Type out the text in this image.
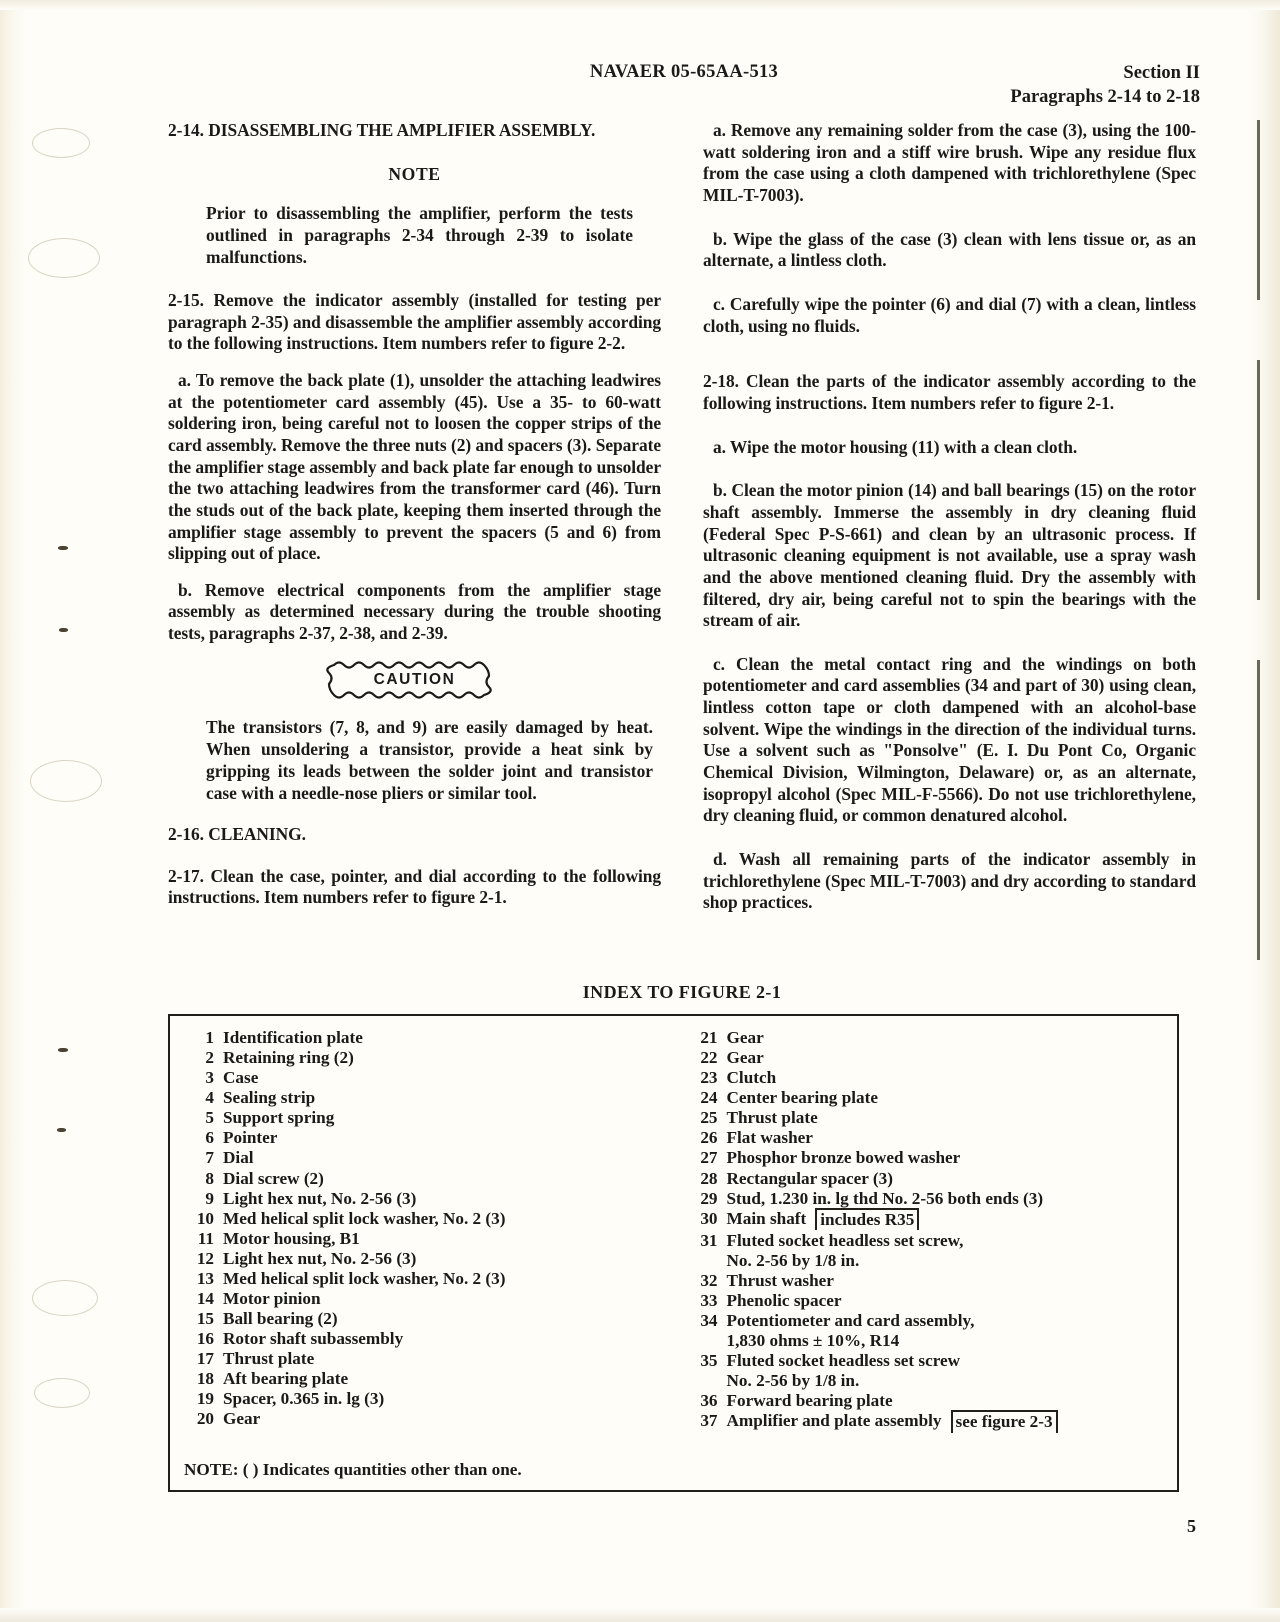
NAVAER 05-65AA-513	Section II
Paragraphs 2-14 to 2-18

2-14. DISASSEMBLING THE AMPLIFIER ASSEMBLY.

NOTE
Prior to disassembling the amplifier, perform the tests outlined in paragraphs 2-34 through 2-39 to isolate malfunctions.

2-15. Remove the indicator assembly (installed for testing per paragraph 2-35) and disassemble the amplifier assembly according to the following instructions. Item numbers refer to figure 2-2.

a. To remove the back plate (1), unsolder the attaching leadwires at the potentiometer card assembly (45). Use a 35- to 60-watt soldering iron, being careful not to loosen the copper strips of the card assembly. Remove the three nuts (2) and spacers (3). Separate the amplifier stage assembly and back plate far enough to unsolder the two attaching leadwires from the transformer card (46). Turn the studs out of the back plate, keeping them inserted through the amplifier stage assembly to prevent the spacers (5 and 6) from slipping out of place.

b. Remove electrical components from the amplifier stage assembly as determined necessary during the trouble shooting tests, paragraphs 2-37, 2-38, and 2-39.

CAUTION
The transistors (7, 8, and 9) are easily damaged by heat. When unsoldering a transistor, provide a heat sink by gripping its leads between the solder joint and transistor case with a needle-nose pliers or similar tool.

2-16. CLEANING.

2-17. Clean the case, pointer, and dial according to the following instructions. Item numbers refer to figure 2-1.

a. Remove any remaining solder from the case (3), using the 100-watt soldering iron and a stiff wire brush. Wipe any residue flux from the case using a cloth dampened with trichlorethylene (Spec MIL-T-7003).

b. Wipe the glass of the case (3) clean with lens tissue or, as an alternate, a lintless cloth.

c. Carefully wipe the pointer (6) and dial (7) with a clean, lintless cloth, using no fluids.

2-18. Clean the parts of the indicator assembly according to the following instructions. Item numbers refer to figure 2-1.

a. Wipe the motor housing (11) with a clean cloth.

b. Clean the motor pinion (14) and ball bearings (15) on the rotor shaft assembly. Immerse the assembly in dry cleaning fluid (Federal Spec P-S-661) and clean by an ultrasonic process. If ultrasonic cleaning equipment is not available, use a spray wash and the above mentioned cleaning fluid. Dry the assembly with filtered, dry air, being careful not to spin the bearings with the stream of air.

c. Clean the metal contact ring and the windings on both potentiometer and card assemblies (34 and part of 30) using clean, lintless cotton tape or cloth dampened with an alcohol-base solvent. Wipe the windings in the direction of the individual turns. Use a solvent such as "Ponsolve" (E. I. Du Pont Co, Organic Chemical Division, Wilmington, Delaware) or, as an alternate, isopropyl alcohol (Spec MIL-F-5566). Do not use trichlorethylene, dry cleaning fluid, or common denatured alcohol.

d. Wash all remaining parts of the indicator assembly in trichlorethylene (Spec MIL-T-7003) and dry according to standard shop practices.

INDEX TO FIGURE 2-1
1 Identification plate
2 Retaining ring (2)
3 Case
4 Sealing strip
5 Support spring
6 Pointer
7 Dial
8 Dial screw (2)
9 Light hex nut, No. 2-56 (3)
10 Med helical split lock washer, No. 2 (3)
11 Motor housing, B1
12 Light hex nut, No. 2-56 (3)
13 Med helical split lock washer, No. 2 (3)
14 Motor pinion
15 Ball bearing (2)
16 Rotor shaft subassembly
17 Thrust plate
18 Aft bearing plate
19 Spacer, 0.365 in. lg (3)
20 Gear
21 Gear
22 Gear
23 Clutch
24 Center bearing plate
25 Thrust plate
26 Flat washer
27 Phosphor bronze bowed washer
28 Rectangular spacer (3)
29 Stud, 1.230 in. lg thd No. 2-56 both ends (3)
30 Main shaft includes R35
31 Fluted socket headless set screw,
No. 2-56 by 1/8 in.
32 Thrust washer
33 Phenolic spacer
34 Potentiometer and card assembly,
1,830 ohms ± 10%, R14
35 Fluted socket headless set screw
No. 2-56 by 1/8 in.
36 Forward bearing plate
37 Amplifier and plate assembly see figure 2-3
NOTE: ( ) Indicates quantities other than one.
5
